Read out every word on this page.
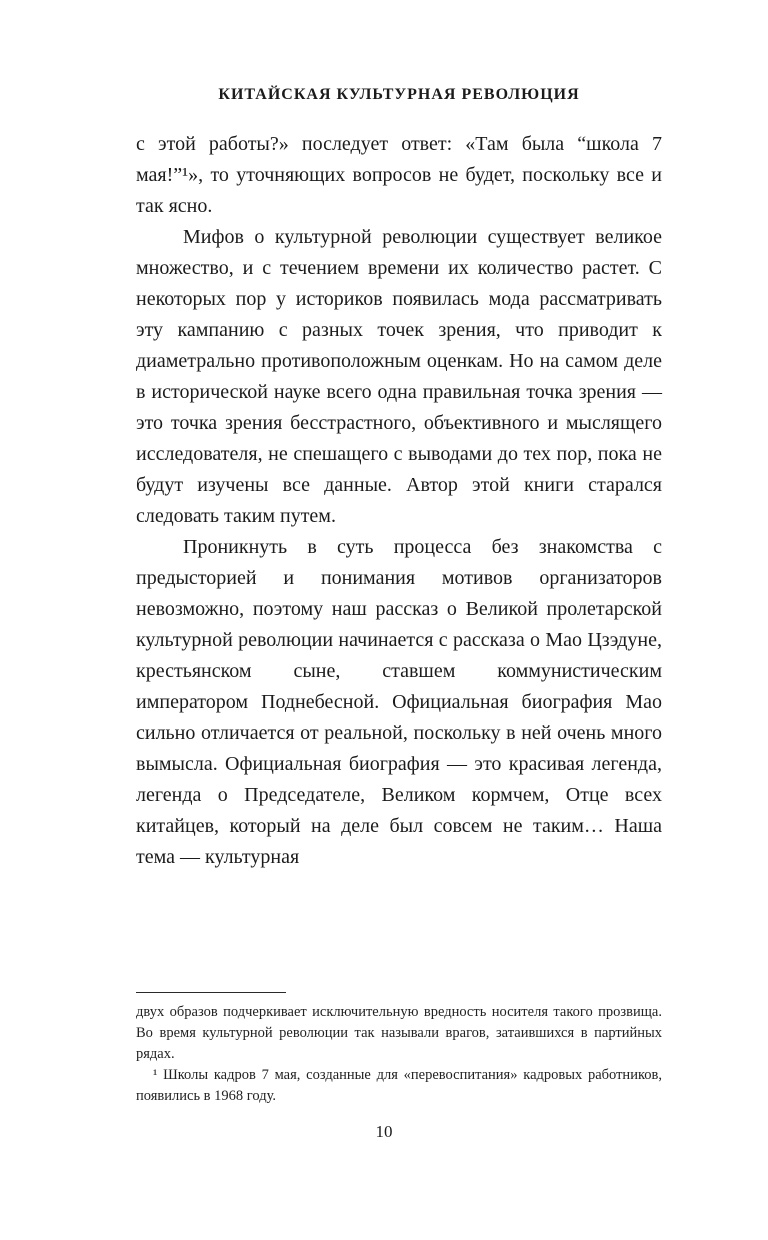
КИТАЙСКАЯ КУЛЬТУРНАЯ РЕВОЛЮЦИЯ

с этой работы?» последует ответ: «Там была “школа 7 мая!”¹», то уточняющих вопросов не будет, поскольку все и так ясно.

Мифов о культурной революции существует великое множество, и с течением времени их количество растет. С некоторых пор у историков появилась мода рассматривать эту кампанию с разных точек зрения, что приводит к диаметрально противоположным оценкам. Но на самом деле в исторической науке всего одна правильная точка зрения — это точка зрения бесстрастного, объективного и мыслящего исследователя, не спешащего с выводами до тех пор, пока не будут изучены все данные. Автор этой книги старался следовать таким путем.

Проникнуть в суть процесса без знакомства с предысторией и понимания мотивов организаторов невозможно, поэтому наш рассказ о Великой пролетарской культурной революции начинается с рассказа о Мао Цзэдуне, крестьянском сыне, ставшем коммунистическим императором Поднебесной. Официальная биография Мао сильно отличается от реальной, поскольку в ней очень много вымысла. Официальная биография — это красивая легенда, легенда о Председателе, Великом кормчем, Отце всех китайцев, который на деле был совсем не таким… Наша тема — культурная

двух образов подчеркивает исключительную вредность носителя такого прозвища. Во время культурной революции так называли врагов, затаившихся в партийных рядах.

¹ Школы кадров 7 мая, созданные для «перевоспитания» кадровых работников, появились в 1968 году.

10
